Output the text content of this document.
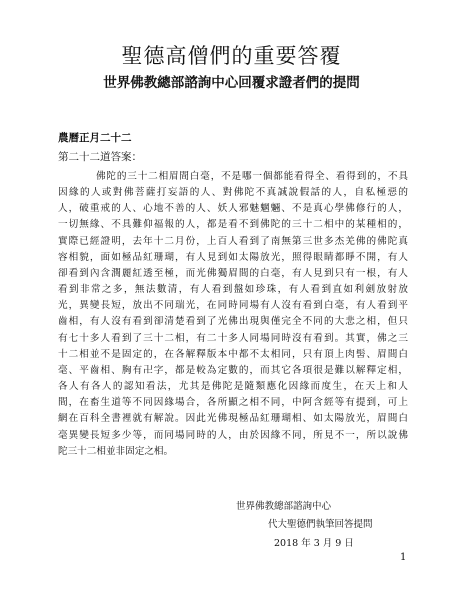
聖德高僧們的重要答覆
世界佛教總部諮詢中心回覆求證者們的提問
農曆正月二十二
第二十二道答案：
佛陀的三十二相眉間白毫，不是哪一個都能看得全、看得到的，不具
因緣的人或對佛菩薩打妄語的人、對佛陀不真誠說假話的人，自私極惡的
人，破重戒的人、心地不善的人、妖人邪魅魍魎、不是真心學佛修行的人，
一切無緣、不具難仰福報的人，都是看不到佛陀的三十二相中的某種相的，
實際已經證明，去年十二月份，上百人看到了南無第三世多杰羌佛的佛陀真
容相貌，面如極品紅珊瑚，有人見到如太陽放光，照得眼睛都睜不開，有人
卻看到內含潤麗紅透至極，而光佛獨眉間的白毫，有人見到只有一根，有人
看到非常之多，無法數清，有人看到盤如珍珠，有人看到直如利劍放射放
光，異變長短，放出不同瑞光，在同時同場有人沒有看到白毫，有人看到平
齒相，有人沒有看到卻清楚看到了光佛出現與僅完全不同的大悲之相，但只
有七十多人看到了三十二相，有二十多人同場同時沒有看到。其實，佛之三
十二相並不是固定的，在各解釋版本中都不太相同，只有頂上肉髻、眉間白
毫、平齒相、胸有卍字，都是較為定數的，而其它各項很是難以解釋定相，
各人有各人的認知看法，尤其是佛陀是隨類應化因緣而度生，在天上和人
間，在畜生道等不同因緣場合，各所顯之相不同，中阿含經等有提到，可上
網在百科全書裡就有解說。因此光佛現極品紅珊瑚相、如太陽放光，眉間白
毫異變長短多少等，而同場同時的人，由於因緣不同，所見不一，所以說佛
陀三十二相並非固定之相。
世界佛教總部諮詢中心
代大聖德們執筆回答提問
2018 年 3 月 9 日
1
